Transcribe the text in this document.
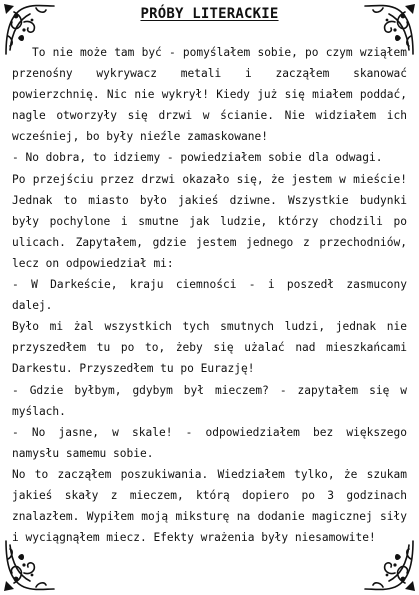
PRÓBY LITERACKIE

To nie może tam być - pomyślałem sobie, po czym wziąłem przenośny wykrywacz metali i zacząłem skanować powierzchnię. Nic nie wykrył! Kiedy już się miałem poddać, nagle otworzyły się drzwi w ścianie. Nie widziałem ich wcześniej, bo były nieźle zamaskowane!

- No dobra, to idziemy - powiedziałem sobie dla odwagi.

Po przejściu przez drzwi okazało się, że jestem w mieście! Jednak to miasto było jakieś dziwne. Wszystkie budynki były pochylone i smutne jak ludzie, którzy chodzili po ulicach. Zapytałem, gdzie jestem jednego z przechodniów, lecz on odpowiedział mi:

- W Darkeście, kraju ciemności - i poszedł zasmucony dalej.

Było mi żal wszystkich tych smutnych ludzi, jednak nie przyszedłem tu po to, żeby się użalać nad mieszkańcami Darkestu. Przyszedłem tu po Eurazję!

- Gdzie byłbym, gdybym był mieczem? - zapytałem się w myślach.

- No jasne, w skale! - odpowiedziałem bez większego namysłu samemu sobie.

No to zacząłem poszukiwania. Wiedziałem tylko, że szukam jakieś skały z mieczem, którą dopiero po 3 godzinach znalazłem. Wypiłem moją miksturę na dodanie magicznej siły i wyciągnąłem miecz. Efekty wrażenia były niesamowite!
